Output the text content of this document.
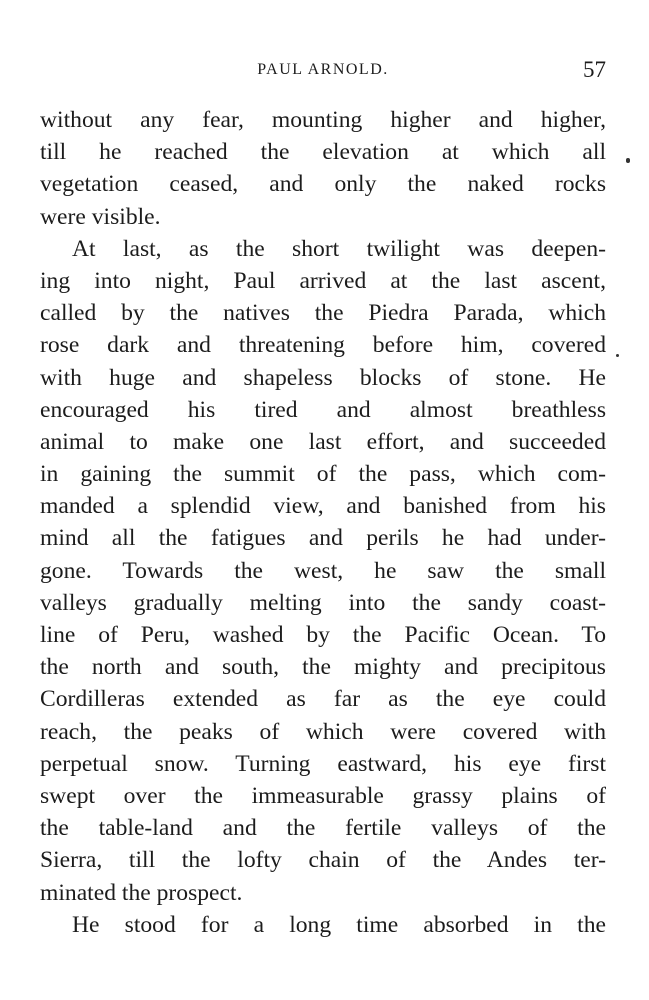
PAUL ARNOLD.	57
without any fear, mounting higher and higher,
till he reached the elevation at which all
vegetation ceased, and only the naked rocks
were visible.
At last, as the short twilight was deepen-
ing into night, Paul arrived at the last ascent,
called by the natives the Piedra Parada, which
rose dark and threatening before him, covered
with huge and shapeless blocks of stone. He
encouraged his tired and almost breathless
animal to make one last effort, and succeeded
in gaining the summit of the pass, which com-
manded a splendid view, and banished from his
mind all the fatigues and perils he had under-
gone. Towards the west, he saw the small
valleys gradually melting into the sandy coast-
line of Peru, washed by the Pacific Ocean. To
the north and south, the mighty and precipitous
Cordilleras extended as far as the eye could
reach, the peaks of which were covered with
perpetual snow. Turning eastward, his eye first
swept over the immeasurable grassy plains of
the table-land and the fertile valleys of the
Sierra, till the lofty chain of the Andes ter-
minated the prospect.
He stood for a long time absorbed in the
